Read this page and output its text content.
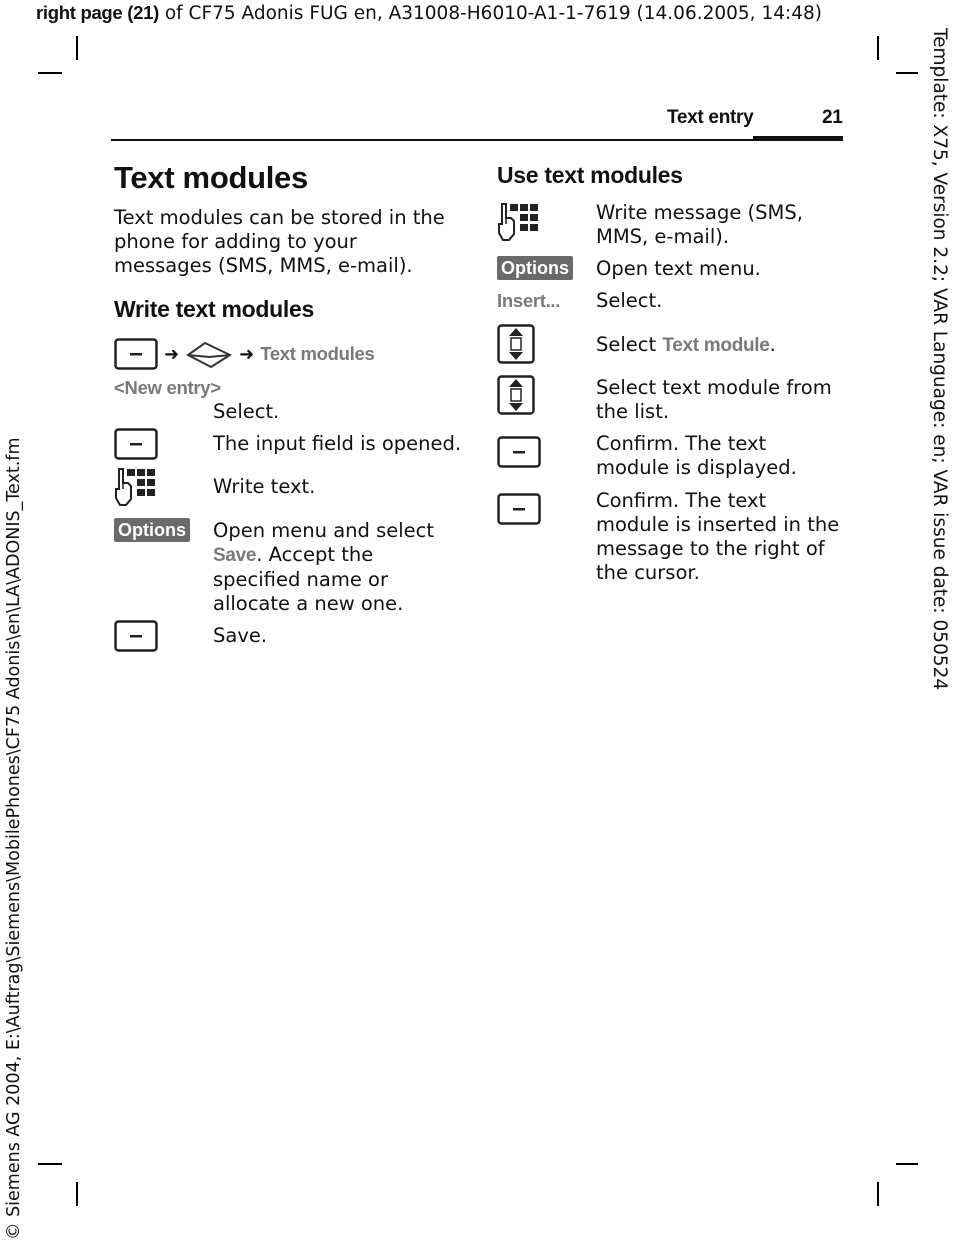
right page (21) of CF75 Adonis FUG en, A31008-H6010-A1-1-7619 (14.06.2005, 14:48)
Template: X75, Version 2.2; VAR Language: en; VAR issue date: 050524
© Siemens AG 2004, E:\Auftrag\Siemens\MobilePhones\CF75 Adonis\en\LA\ADONIS_Text.fm
Text entry	21
Text modules
Text modules can be stored in the phone for adding to your messages (SMS, MMS, e-mail).
Write text modules
➜	➜ Text modules
<New entry>
Select.
The input field is opened.
Write text.
Options Open menu and select Save. Accept the specified name or allocate a new one.
Save.
Use text modules
Write message (SMS, MMS, e-mail).
Options Open text menu.
Insert... Select.
Select Text module.
Select text module from the list.
Confirm. The text module is displayed.
Confirm. The text module is inserted in the message to the right of the cursor.
